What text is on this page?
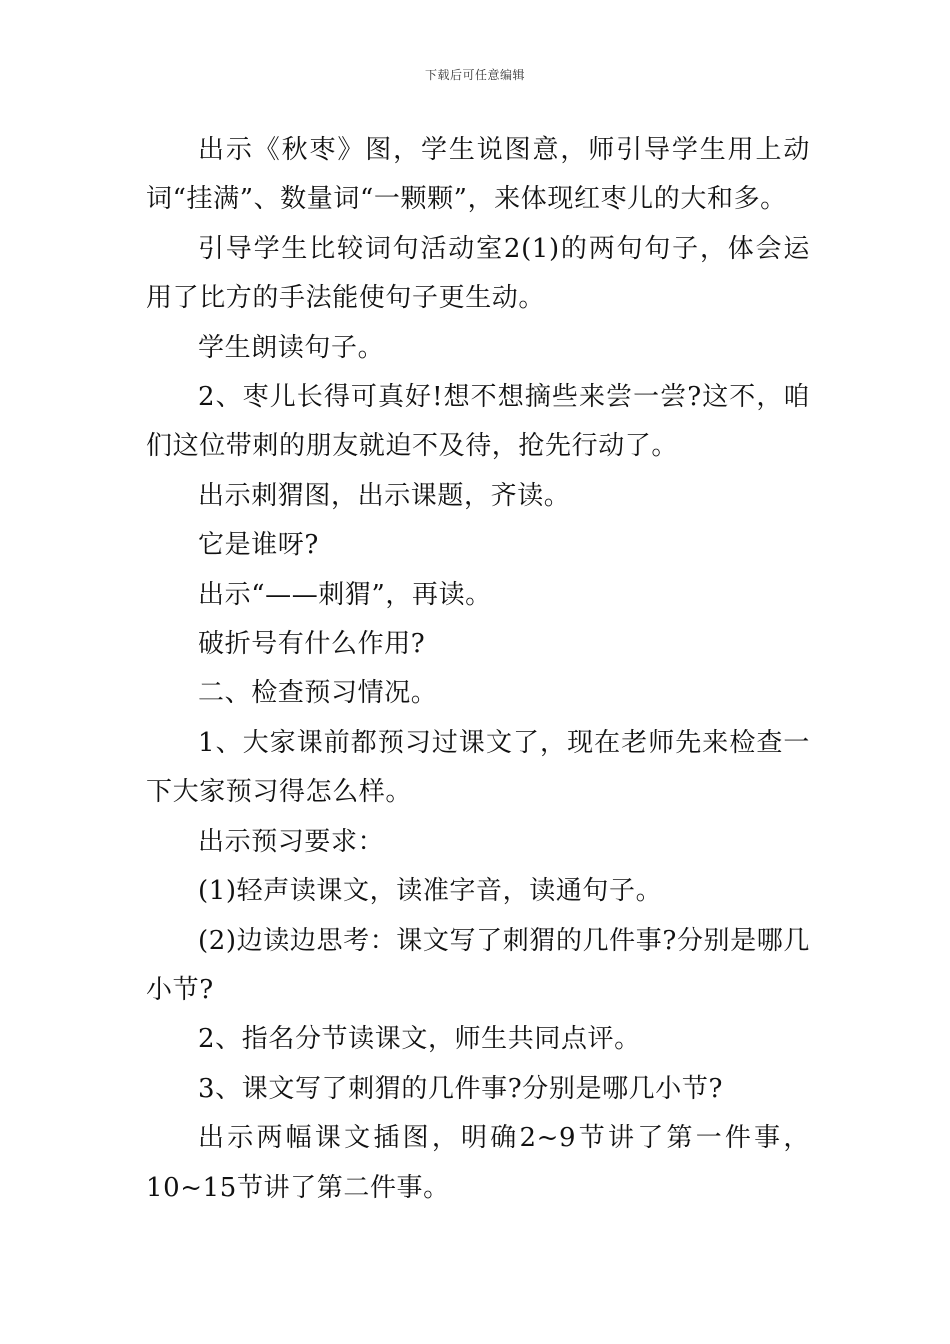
下载后可任意编辑

出示《秋枣》图，学生说图意，师引导学生用上动词“挂满”、数量词“一颗颗”，来体现红枣儿的大和多。

引导学生比较词句活动室2(1)的两句句子，体会运用了比方的手法能使句子更生动。

学生朗读句子。

2、枣儿长得可真好!想不想摘些来尝一尝?这不，咱们这位带刺的朋友就迫不及待，抢先行动了。

出示刺猬图，出示课题，齐读。

它是谁呀?

出示“——刺猬”，再读。

破折号有什么作用?

二、检查预习情况。

1、大家课前都预习过课文了，现在老师先来检查一下大家预习得怎么样。

出示预习要求：

(1)轻声读课文，读准字音，读通句子。

(2)边读边思考：课文写了刺猬的几件事?分别是哪几小节?

2、指名分节读课文，师生共同点评。

3、课文写了刺猬的几件事?分别是哪几小节?

出示两幅课文插图，明确2~9节讲了第一件事，10~15节讲了第二件事。
